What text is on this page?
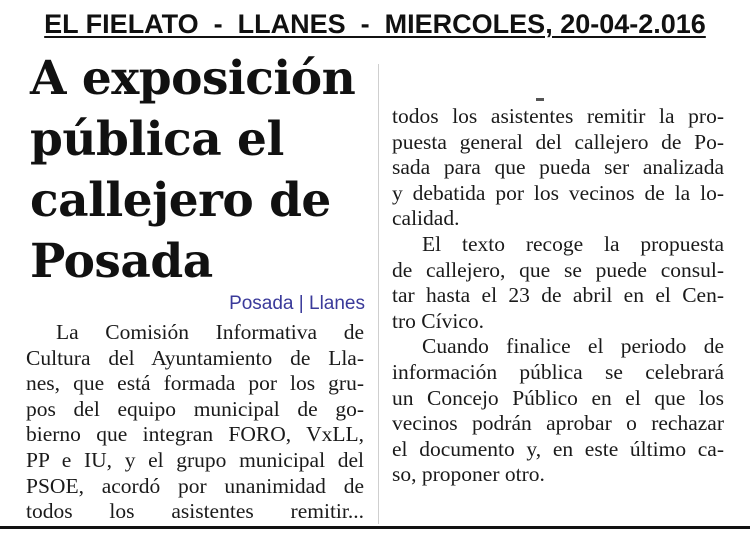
EL FIELATO  -  LLANES  -  MIERCOLES, 20-04-2.016
A exposición
pública el
callejero de
Posada
Posada | Llanes
La Comisión Informativa de
Cultura del Ayuntamiento de Lla-
nes, que está formada por los gru-
pos del equipo municipal de go-
bierno que integran FORO, VxLL,
PP e IU, y el grupo municipal del
PSOE, acordó por unanimidad de
todos los asistentes remitir...
todos los asistentes remitir la pro-
puesta general del callejero de Po-
sada para que pueda ser analizada
y debatida por los vecinos de la lo-
calidad.
El texto recoge la propuesta
de callejero, que se puede consul-
tar hasta el 23 de abril en el Cen-
tro Cívico.
Cuando finalice el periodo de
información pública se celebrará
un Concejo Público en el que los
vecinos podrán aprobar o rechazar
el documento y, en este último ca-
so, proponer otro.
